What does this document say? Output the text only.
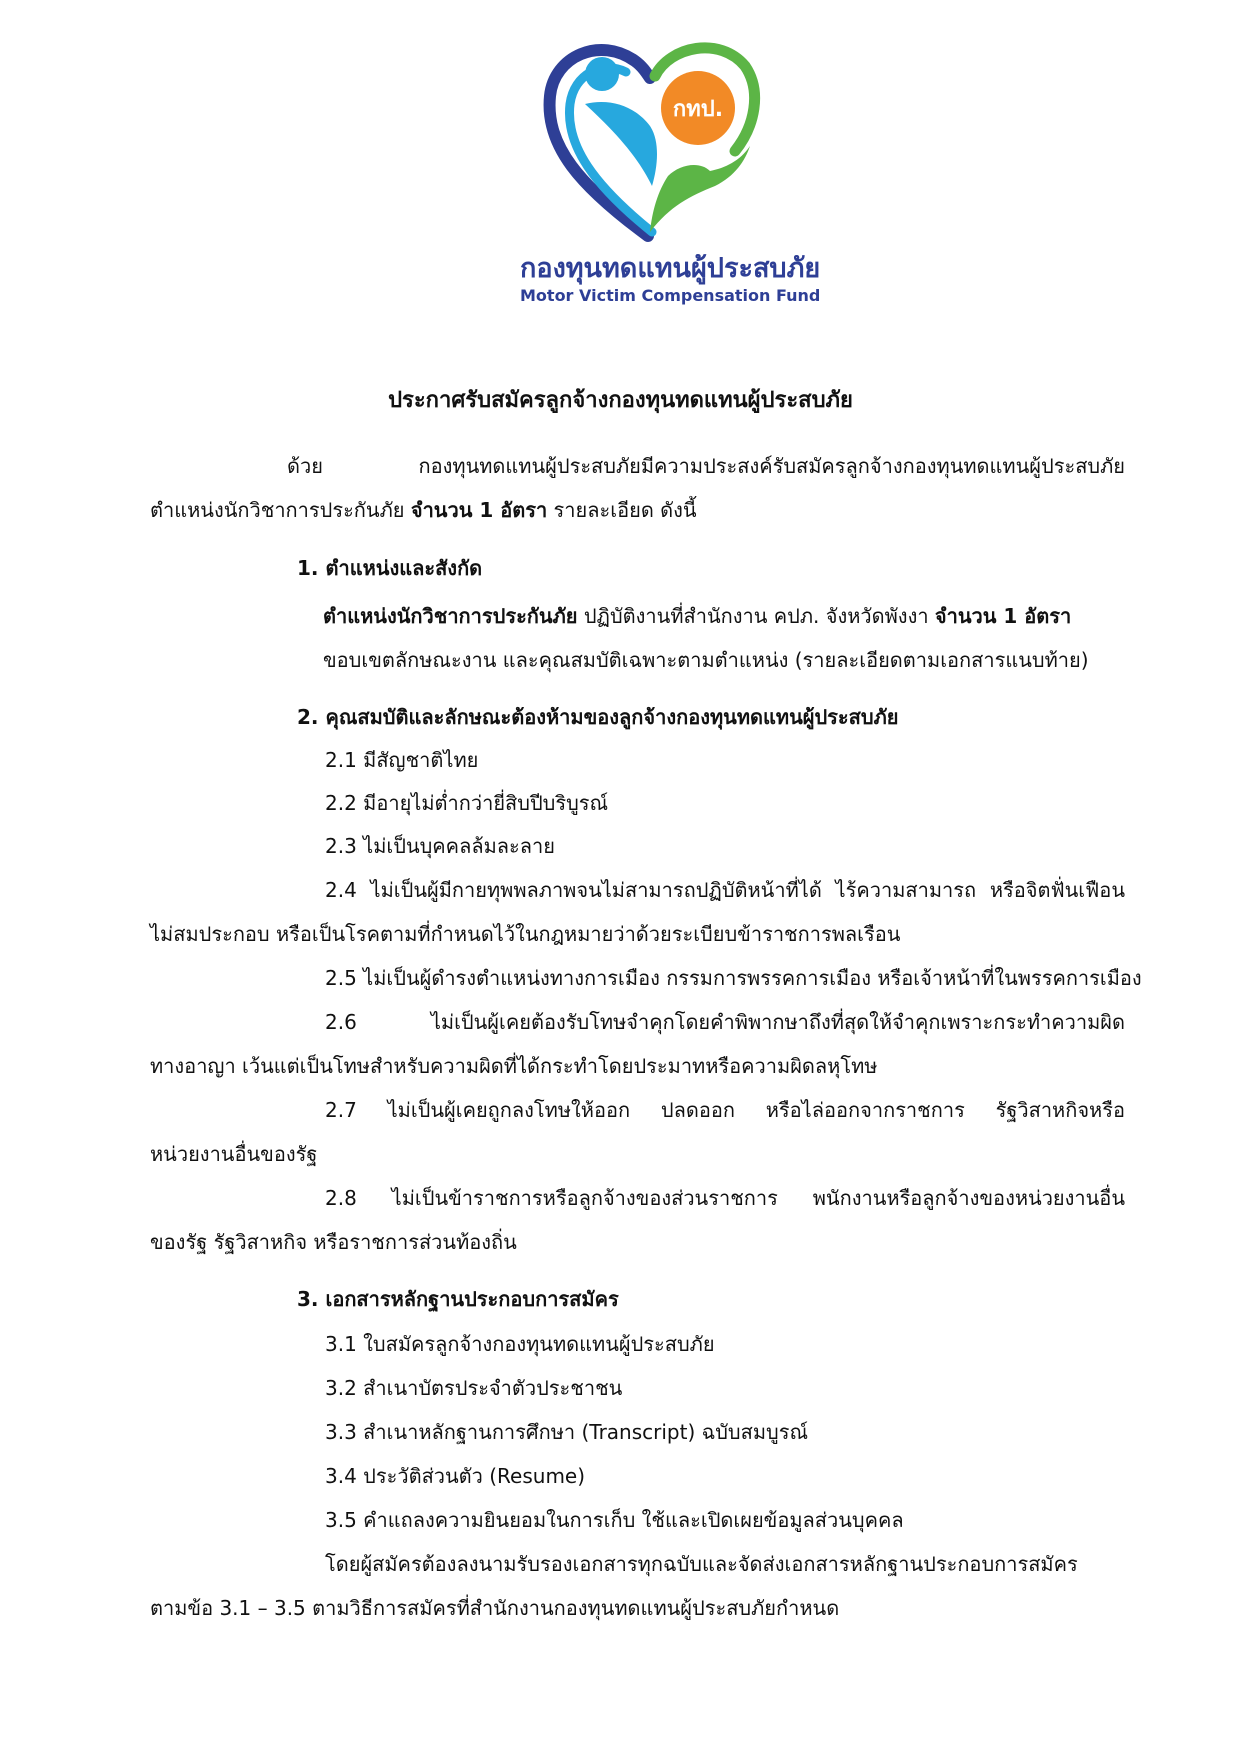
กทป.
กองทุนทดแทนผู้ประสบภัย
Motor Victim Compensation Fund
ประกาศรับสมัครลูกจ้างกองทุนทดแทนผู้ประสบภัย
ด้วย กองทุนทดแทนผู้ประสบภัยมีความประสงค์รับสมัครลูกจ้างกองทุนทดแทนผู้ประสบภัย
ตำแหน่งนักวิชาการประกันภัย จำนวน 1 อัตรา รายละเอียด ดังนี้
1. ตำแหน่งและสังกัด
ตำแหน่งนักวิชาการประกันภัย ปฏิบัติงานที่สำนักงาน คปภ. จังหวัดพังงา จำนวน 1 อัตรา
ขอบเขตลักษณะงาน และคุณสมบัติเฉพาะตามตำแหน่ง (รายละเอียดตามเอกสารแนบท้าย)
2. คุณสมบัติและลักษณะต้องห้ามของลูกจ้างกองทุนทดแทนผู้ประสบภัย
2.1 มีสัญชาติไทย
2.2 มีอายุไม่ต่ำกว่ายี่สิบปีบริบูรณ์
2.3 ไม่เป็นบุคคลล้มละลาย
2.4 ไม่เป็นผู้มีกายทุพพลภาพจนไม่สามารถปฏิบัติหน้าที่ได้ ไร้ความสามารถ หรือจิตฟั่นเฟือน
ไม่สมประกอบ หรือเป็นโรคตามที่กำหนดไว้ในกฎหมายว่าด้วยระเบียบข้าราชการพลเรือน
2.5 ไม่เป็นผู้ดำรงตำแหน่งทางการเมือง กรรมการพรรคการเมือง หรือเจ้าหน้าที่ในพรรคการเมือง
2.6 ไม่เป็นผู้เคยต้องรับโทษจำคุกโดยคำพิพากษาถึงที่สุดให้จำคุกเพราะกระทำความผิด
ทางอาญา เว้นแต่เป็นโทษสำหรับความผิดที่ได้กระทำโดยประมาทหรือความผิดลหุโทษ
2.7 ไม่เป็นผู้เคยถูกลงโทษให้ออก ปลดออก หรือไล่ออกจากราชการ รัฐวิสาหกิจหรือ
หน่วยงานอื่นของรัฐ
2.8 ไม่เป็นข้าราชการหรือลูกจ้างของส่วนราชการ พนักงานหรือลูกจ้างของหน่วยงานอื่น
ของรัฐ รัฐวิสาหกิจ หรือราชการส่วนท้องถิ่น
3. เอกสารหลักฐานประกอบการสมัคร
3.1 ใบสมัครลูกจ้างกองทุนทดแทนผู้ประสบภัย
3.2 สำเนาบัตรประจำตัวประชาชน
3.3 สำเนาหลักฐานการศึกษา (Transcript) ฉบับสมบูรณ์
3.4 ประวัติส่วนตัว (Resume)
3.5 คำแถลงความยินยอมในการเก็บ ใช้และเปิดเผยข้อมูลส่วนบุคคล
โดยผู้สมัครต้องลงนามรับรองเอกสารทุกฉบับและจัดส่งเอกสารหลักฐานประกอบการสมัคร
ตามข้อ 3.1 – 3.5 ตามวิธีการสมัครที่สำนักงานกองทุนทดแทนผู้ประสบภัยกำหนด
